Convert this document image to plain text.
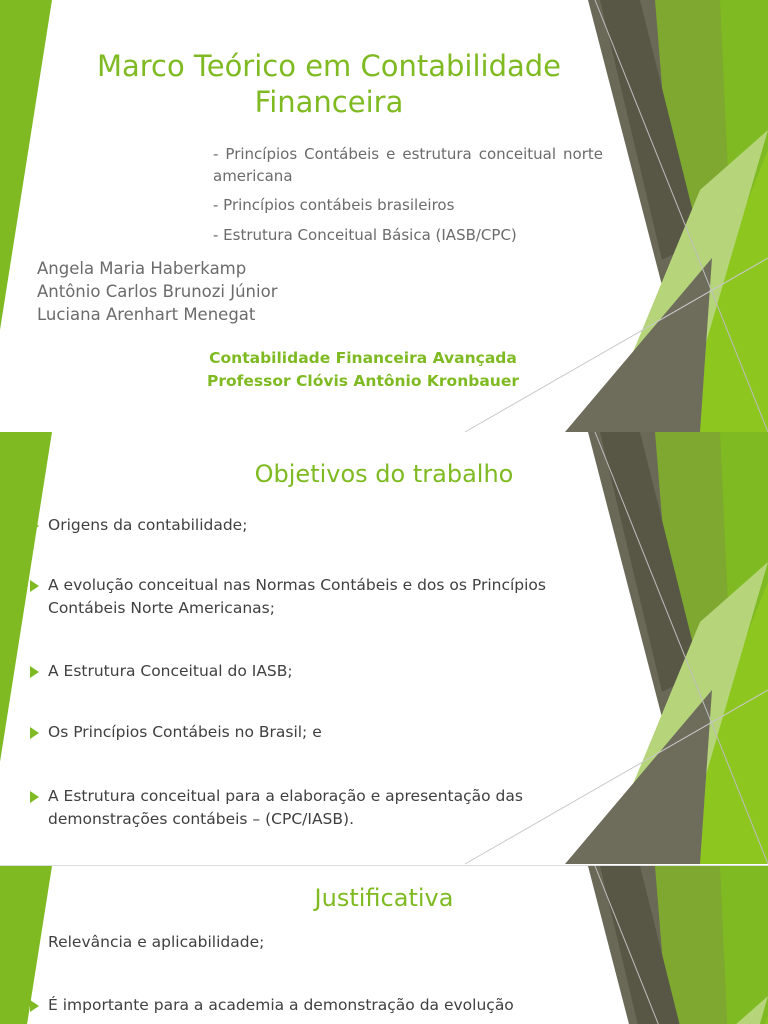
Marco Teórico em Contabilidade Financeira
- Princípios Contábeis e estrutura conceitual norte americana
- Princípios contábeis brasileiros
- Estrutura Conceitual Básica (IASB/CPC)
Angela Maria Haberkamp
Antônio Carlos Brunozi Júnior
Luciana Arenhart Menegat
Contabilidade Financeira Avançada
Professor Clóvis Antônio Kronbauer
Objetivos do trabalho
Origens da contabilidade;
A evolução conceitual nas Normas Contábeis e dos os Princípios Contábeis Norte Americanas;
A Estrutura Conceitual do IASB;
Os Princípios Contábeis no Brasil; e
A Estrutura conceitual para a elaboração e apresentação das demonstrações contábeis – (CPC/IASB).
Justificativa
Relevância e aplicabilidade;
É importante para a academia a demonstração da evolução
